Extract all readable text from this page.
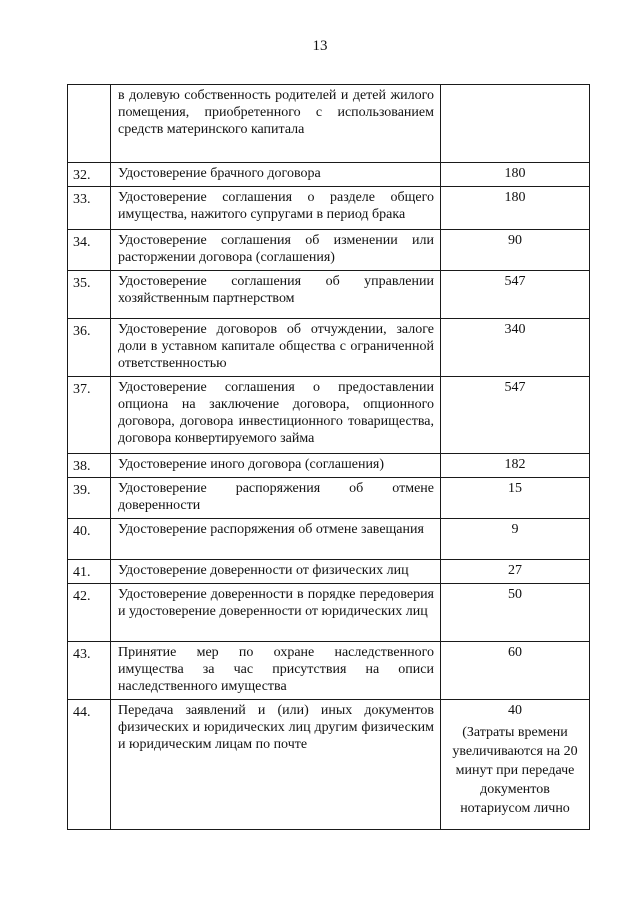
13
	в долевую собственность родителей и детей жилого помещения, приобретенного с использованием средств материнского капитала	

32.	Удостоверение брачного договора	180

33.	Удостоверение соглашения о разделе общего имущества, нажитого супругами в период брака	180

34.	Удостоверение соглашения об изменении или расторжении договора (соглашения)	90

35.	Удостоверение соглашения об управлении хозяйственным партнерством	547

36.	Удостоверение договоров об отчуждении, залоге доли в уставном капитале общества с ограниченной ответственностью	340

37.	Удостоверение соглашения о предоставлении опциона на заключение договора, опционного договора, договора инвестиционного товарищества, договора конвертируемого займа	547

38.	Удостоверение иного договора (соглашения)	182

39.	Удостоверение распоряжения об отмене доверенности	15

40.	Удостоверение распоряжения об отмене завещания	9

41.	Удостоверение доверенности от физических лиц	27

42.	Удостоверение доверенности в порядке передоверия и удостоверение доверенности от юридических лиц	50

43.	Принятие мер по охране наследственного имущества за час присутствия на описи наследственного имущества	60

44.	Передача заявлений и (или) иных документов физических и юридических лиц другим физическим и юридическим лицам по почте	40
(Затраты времени увеличиваются на 20 минут при передаче документов нотариусом лично
